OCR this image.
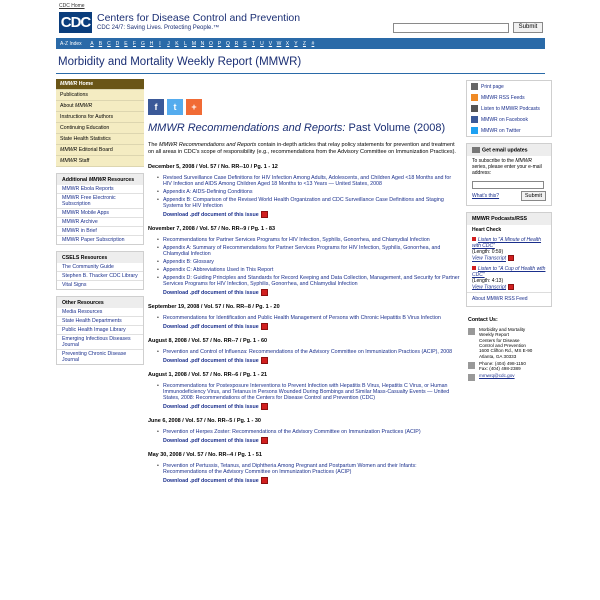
CDC Home
CDC Centers for Disease Control and Prevention
CDC 24/7: Saving Lives. Protecting People.™	Submit
A-Z Index	A B C D E F G H I J K L M N O P Q R S T U V W X Y Z #
Morbidity and Mortality Weekly Report (MMWR)
MMWR Home
Publications
About MMWR
Instructions for Authors
Continuing Education
State Health Statistics
MMWR Editorial Board
MMWR Staff
Additional MMWR Resources
MMWR Ebola Reports
MMWR Free Electronic Subscription
MMWR Mobile Apps
MMWR Archive
MMWR in Brief
MMWR Paper Subscription
CSELS Resources
The Community Guide
Stephen B. Thacker CDC Library
Vital Signs
Other Resources
Media Resources
State Health Departments
Public Health Image Library
Emerging Infectious Diseases Journal
Preventing Chronic Disease Journal
f	t	+
MMWR Recommendations and Reports: Past Volume (2008)
The MMWR Recommendations and Reports contain in-depth articles that relay policy statements for prevention and treatment on all areas in CDC's scope of responsibility (e.g., recommendations from the Advisory Committee on Immunization Practices).
December 5, 2008 / Vol. 57 / No. RR--10 / Pg. 1 - 12
• Revised Surveillance Case Definitions for HIV Infection Among Adults, Adolescents, and Children Aged <18 Months and for HIV Infection and AIDS Among Children Aged 18 Months to <13 Years — United States, 2008
• Appendix A: AIDS-Defining Conditions
• Appendix B: Comparison of the Revised World Health Organization and CDC Surveillance Case Definitions and Staging Systems for HIV Infection
Download .pdf document of this issue
November 7, 2008 / Vol. 57 / No. RR--9 / Pg. 1 - 83
• Recommendations for Partner Services Programs for HIV Infection, Syphilis, Gonorrhea, and Chlamydial Infection
• Appendix A: Summary of Recommendations for Partner Services Programs for HIV Infection, Syphilis, Gonorrhea, and Chlamydial Infection
• Appendix B: Glossary
• Appendix C: Abbreviations Used in This Report
• Appendix D: Guiding Principles and Standards for Record Keeping and Data Collection, Management, and Security for Partner Services Programs for HIV Infection, Syphilis, Gonorrhea, and Chlamydial Infection
Download .pdf document of this issue
September 19, 2008 / Vol. 57 / No. RR--8 / Pg. 1 - 20
• Recommendations for Identification and Public Health Management of Persons with Chronic Hepatitis B Virus Infection
Download .pdf document of this issue
August 8, 2008 / Vol. 57 / No. RR--7 / Pg. 1 - 60
• Prevention and Control of Influenza: Recommendations of the Advisory Committee on Immunization Practices (ACIP), 2008
Download .pdf document of this issue
August 1, 2008 / Vol. 57 / No. RR--6 / Pg. 1 - 21
• Recommendations for Postexposure Interventions to Prevent Infection with Hepatitis B Virus, Hepatitis C Virus, or Human Immunodeficiency Virus, and Tetanus in Persons Wounded During Bombings and Similar Mass-Casualty Events — United States, 2008: Recommendations of the Centers for Disease Control and Prevention (CDC)
Download .pdf document of this issue
June 6, 2008 / Vol. 57 / No. RR--5 / Pg. 1 - 30
• Prevention of Herpes Zoster: Recommendations of the Advisory Committee on Immunization Practices (ACIP)
Download .pdf document of this issue
May 30, 2008 / Vol. 57 / No. RR--4 / Pg. 1 - 51
• Prevention of Pertussis, Tetanus, and Diphtheria Among Pregnant and Postpartum Women and their Infants: Recommendations of the Advisory Committee on Immunization Practices (ACIP)
Download .pdf document of this issue
Print page
MMWR RSS Feeds
Listen to MMWR Podcasts
MMWR on Facebook
MMWR on Twitter
Get email updates
To subscribe to the MMWR series, please enter your e-mail address:
What's this?	Submit
MMWR Podcasts/RSS
Heart Check
Listen to "A Minute of Health with CDC"
(Length: 0:59)
View Transcript
Listen to "A Cup of Health with CDC"
(Length: 4:13)
View Transcript
About MMWR RSS Feed
Contact Us:
Morbidity and Mortality
Weekly Report
Centers for Disease
Control and Prevention
1600 Clifton Rd., MS E-90
Atlanta, GA 30333
Phone: (404) 498-1150
Fax: (404) 498-2389
mmwrq@cdc.gov
